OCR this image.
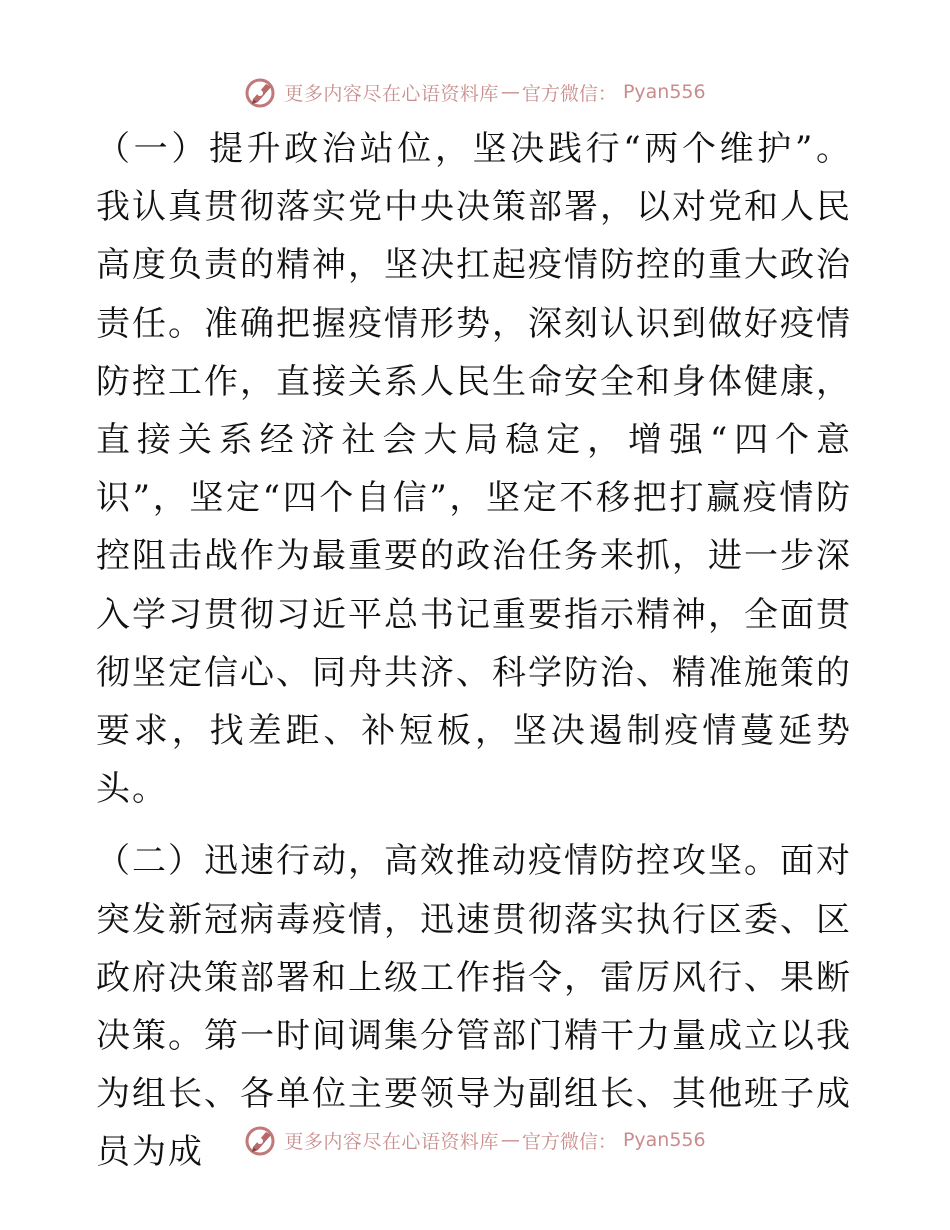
更多内容尽在心语资料库 — 官方微信： Pyan556

（一）提升政治站位，坚决践行“两个维护”。我认真贯彻落实党中央决策部署，以对党和人民高度负责的精神，坚决扛起疫情防控的重大政治责任。准确把握疫情形势，深刻认识到做好疫情防控工作，直接关系人民生命安全和身体健康，直接关系经济社会大局稳定，增强“四个意识”，坚定“四个自信”，坚定不移把打赢疫情防控阻击战作为最重要的政治任务来抓，进一步深入学习贯彻习近平总书记重要指示精神，全面贯彻坚定信心、同舟共济、科学防治、精准施策的要求，找差距、补短板，坚决遏制疫情蔓延势头。

（二）迅速行动，高效推动疫情防控攻坚。面对突发新冠病毒疫情，迅速贯彻落实执行区委、区政府决策部署和上级工作指令，雷厉风行、果断决策。第一时间调集分管部门精干力量成立以我为组长、各单位主要领导为副组长、其他班子成员为成	更多内容尽在心语资料库 — 官方微信： Pyan556
